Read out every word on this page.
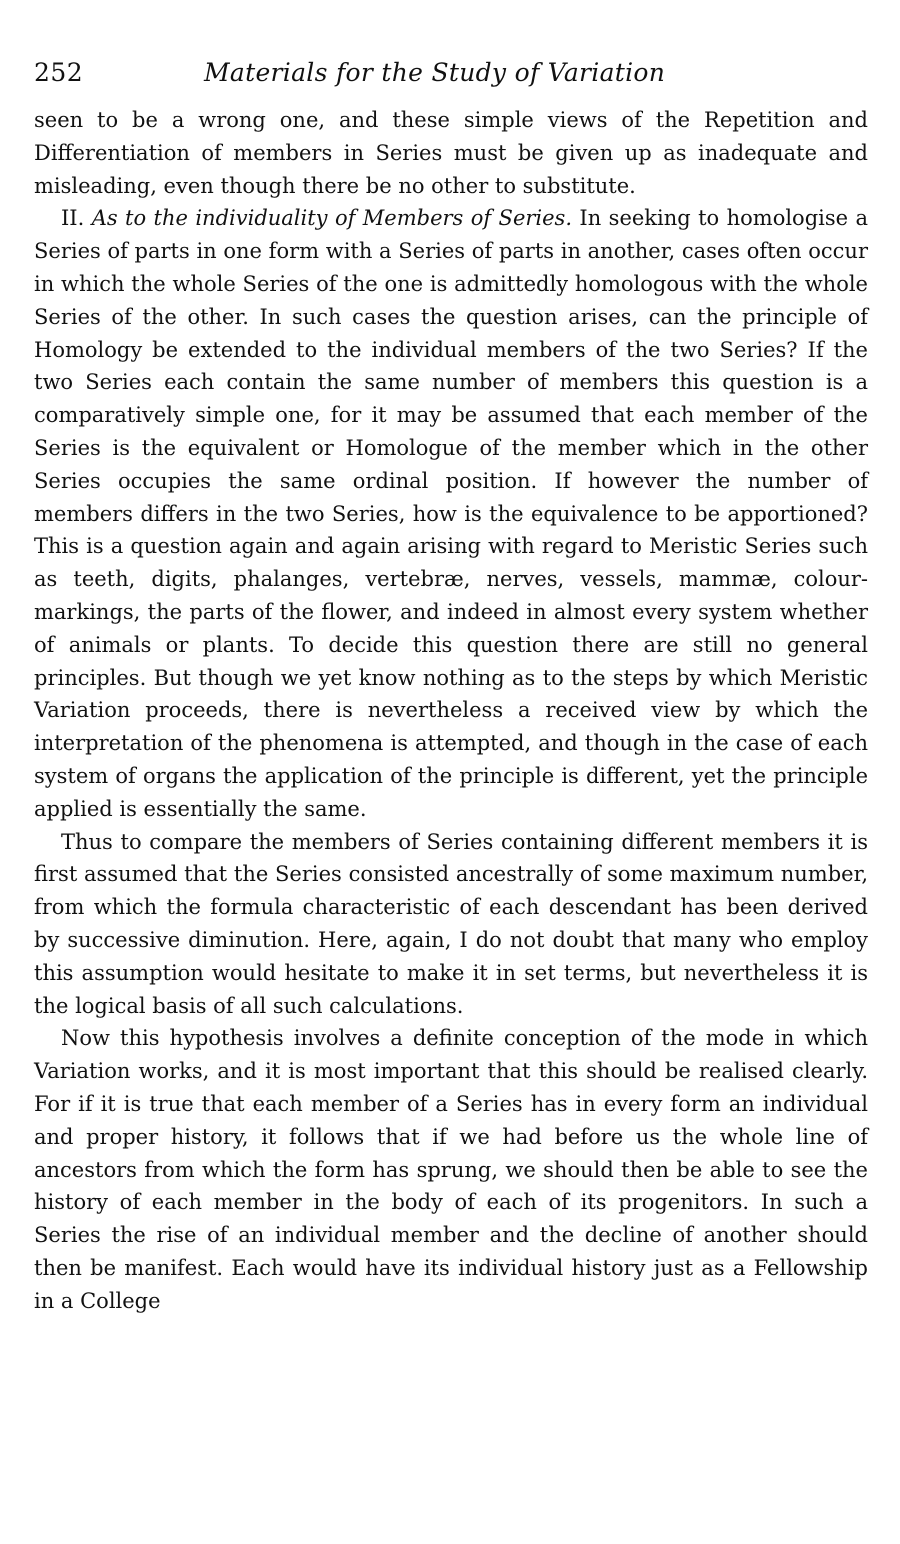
252	Materials for the Study of Variation

seen to be a wrong one, and these simple views of the Repetition and Differentiation of members in Series must be given up as inadequate and misleading, even though there be no other to substitute.

II. As to the individuality of Members of Series. In seeking to homologise a Series of parts in one form with a Series of parts in another, cases often occur in which the whole Series of the one is admittedly homologous with the whole Series of the other. In such cases the question arises, can the principle of Homology be extended to the individual members of the two Series? If the two Series each contain the same number of members this question is a comparatively simple one, for it may be assumed that each member of the Series is the equivalent or Homologue of the member which in the other Series occupies the same ordinal position. If however the number of members differs in the two Series, how is the equivalence to be apportioned? This is a question again and again arising with regard to Meristic Series such as teeth, digits, phalanges, vertebræ, nerves, vessels, mammæ, colour-markings, the parts of the flower, and indeed in almost every system whether of animals or plants. To decide this question there are still no general principles. But though we yet know nothing as to the steps by which Meristic Variation proceeds, there is nevertheless a received view by which the interpretation of the phenomena is attempted, and though in the case of each system of organs the application of the principle is different, yet the principle applied is essentially the same.

Thus to compare the members of Series containing different members it is first assumed that the Series consisted ancestrally of some maximum number, from which the formula characteristic of each descendant has been derived by successive diminution. Here, again, I do not doubt that many who employ this assumption would hesitate to make it in set terms, but nevertheless it is the logical basis of all such calculations.

Now this hypothesis involves a definite conception of the mode in which Variation works, and it is most important that this should be realised clearly. For if it is true that each member of a Series has in every form an individual and proper history, it follows that if we had before us the whole line of ancestors from which the form has sprung, we should then be able to see the history of each member in the body of each of its progenitors. In such a Series the rise of an individual member and the decline of another should then be manifest. Each would have its individual history just as a Fellowship in a College
